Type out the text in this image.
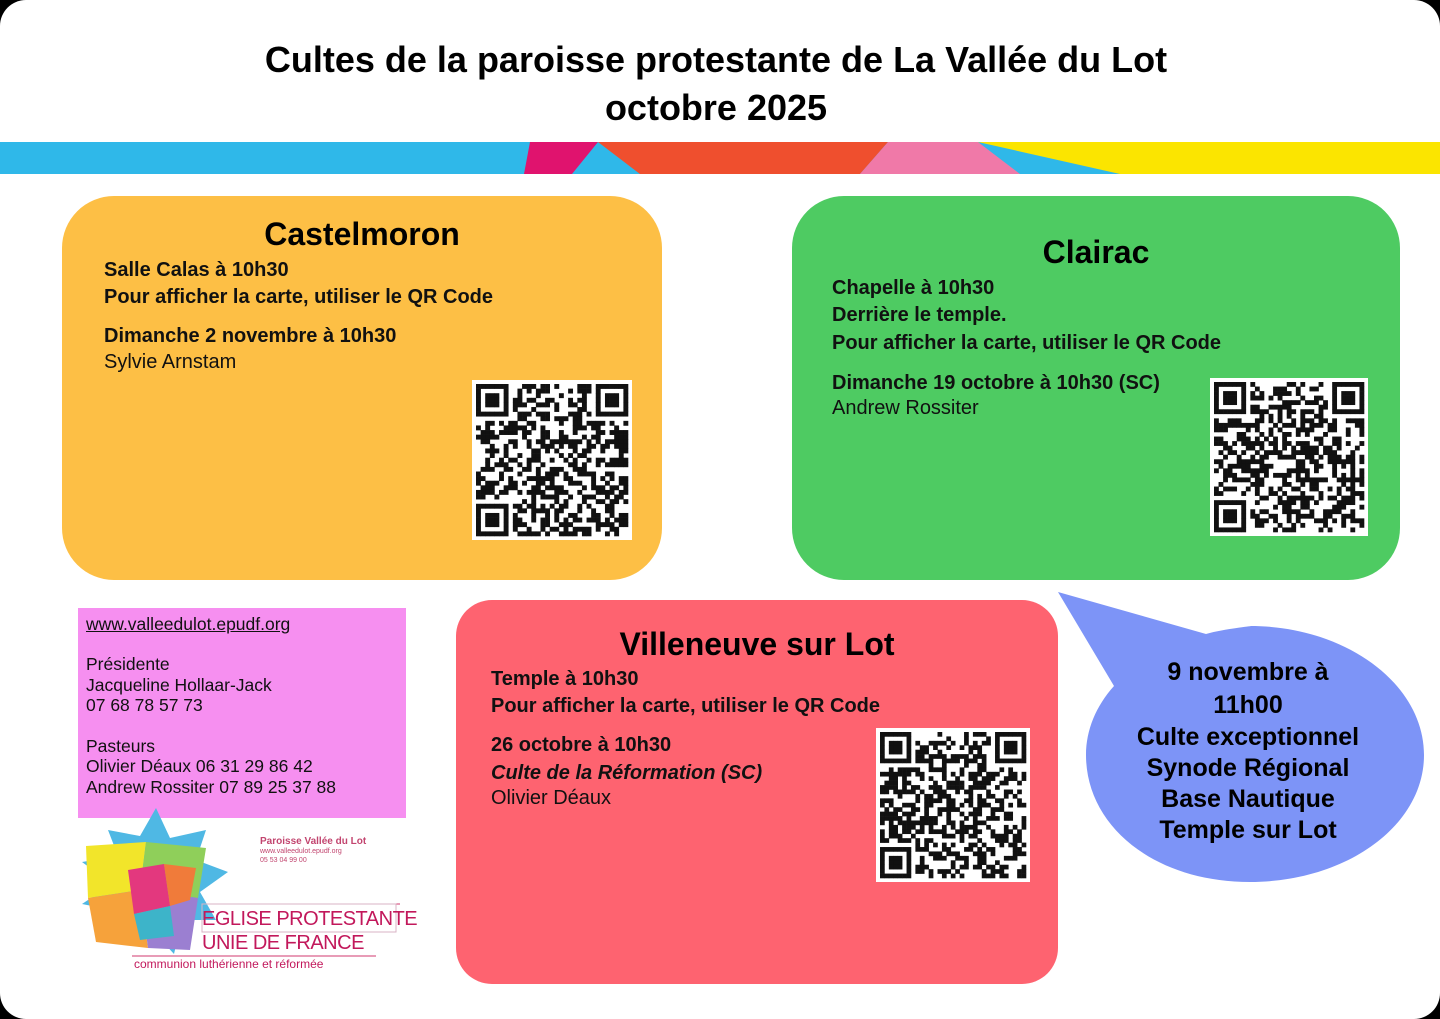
Cultes de la paroisse protestante de La Vallée du Lot
octobre 2025
Castelmoron
Salle Calas à 10h30
Pour afficher la carte, utiliser le QR Code
Dimanche 2 novembre à 10h30
Sylvie Arnstam
Clairac
Chapelle à 10h30
Derrière le temple.
Pour afficher la carte, utiliser le QR Code
Dimanche 19 octobre à 10h30 (SC)
Andrew Rossiter
Villeneuve sur Lot
Temple à 10h30
Pour afficher la carte, utiliser le QR Code
26 octobre à 10h30
Culte de la Réformation (SC)
Olivier Déaux
www.valleedulot.epudf.org
Présidente
Jacqueline Hollaar-Jack
07 68 78 57 73
Pasteurs
Olivier Déaux 06 31 29 86 42
Andrew Rossiter 07 89 25 37 88
9 novembre à
11h00
Culte exceptionnel
Synode Régional
Base Nautique
Temple sur Lot
Paroisse Vallée du Lot
www.valleedulot.epudf.org
05 53 04 99 00
EGLISE PROTESTANTE
UNIE DE FRANCE
communion luthérienne et réformée
